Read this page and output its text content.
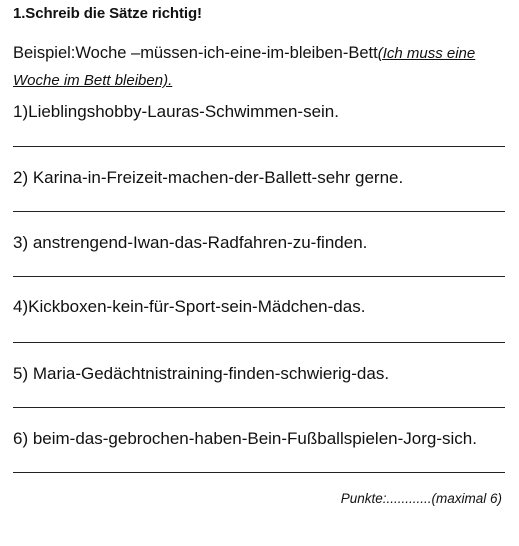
1.Schreib die Sätze richtig!
Beispiel:Woche –müssen-ich-eine-im-bleiben-Bett(Ich muss eine Woche im Bett bleiben).
1)Lieblingshobby-Lauras-Schwimmen-sein.
2) Karina-in-Freizeit-machen-der-Ballett-sehr gerne.
3) anstrengend-Iwan-das-Radfahren-zu-finden.
4)Kickboxen-kein-für-Sport-sein-Mädchen-das.
5) Maria-Gedächtnistraining-finden-schwierig-das.
6) beim-das-gebrochen-haben-Bein-Fußballspielen-Jorg-sich.
Punkte:............(maximal 6)
